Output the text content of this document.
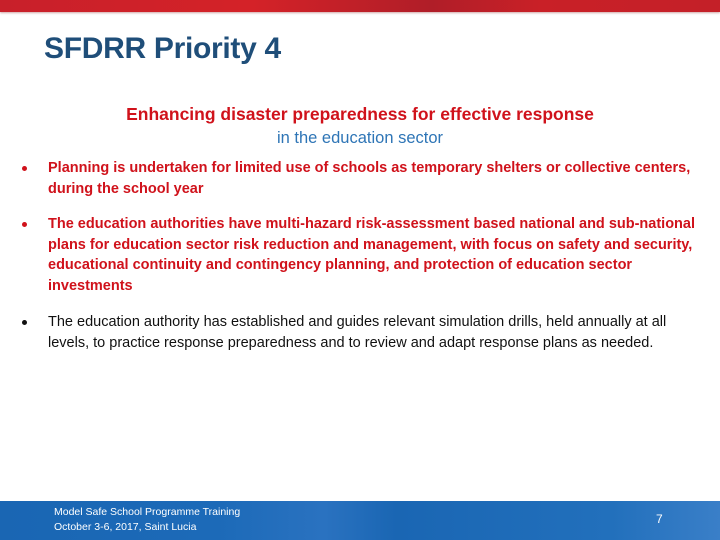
SFDRR Priority 4
Enhancing disaster preparedness for effective response
in the education sector
Planning is undertaken for limited use of schools as temporary shelters or collective centers, during the school year
The education authorities have multi-hazard risk-assessment based national and sub-national plans for education sector risk reduction and management, with focus on safety and security, educational continuity and contingency planning, and protection of education sector investments
The education authority has established and guides relevant simulation drills, held annually at all levels, to practice response preparedness and to review and adapt response plans as needed.
Model Safe School Programme Training
October 3-6, 2017, Saint Lucia
7
